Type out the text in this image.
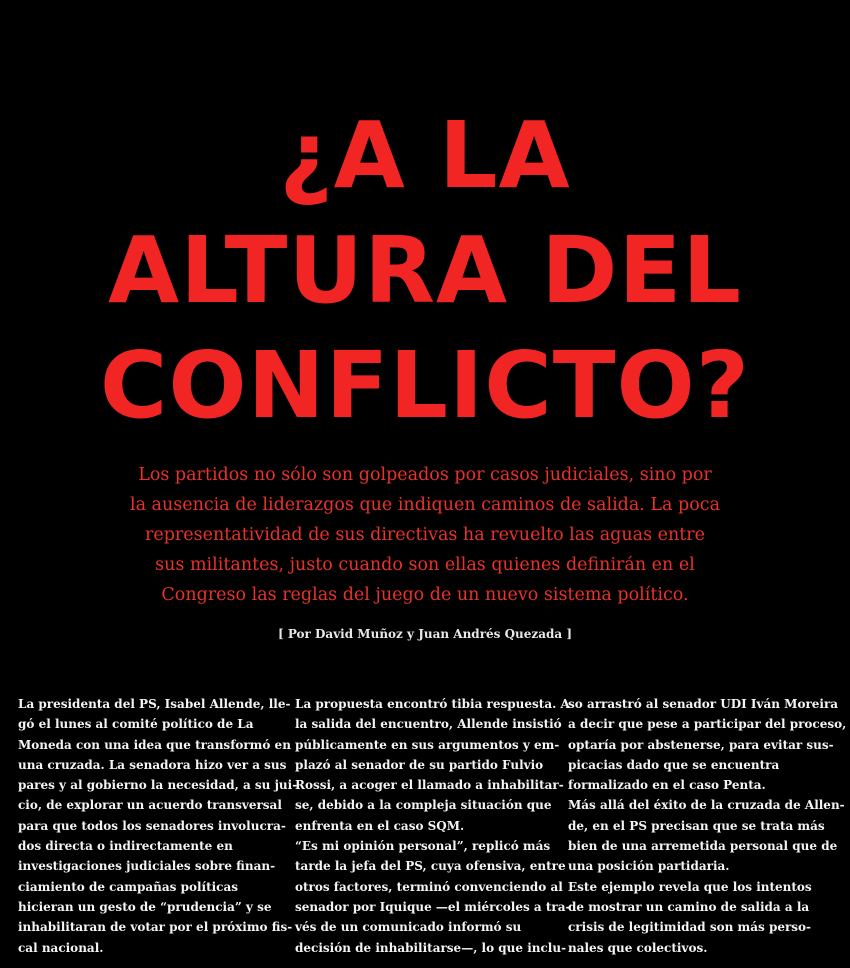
¿A LA
ALTURA DEL
CONFLICTO?

Los partidos no sólo son golpeados por casos judiciales, sino por
la ausencia de liderazgos que indiquen caminos de salida. La poca
representatividad de sus directivas ha revuelto las aguas entre
sus militantes, justo cuando son ellas quienes definirán en el
Congreso las reglas del juego de un nuevo sistema político.

[ Por David Muñoz y Juan Andrés Quezada ]

La presidenta del PS, Isabel Allende, lle-
gó el lunes al comité político de La
Moneda con una idea que transformó en
una cruzada. La senadora hizo ver a sus
pares y al gobierno la necesidad, a su jui-
cio, de explorar un acuerdo transversal
para que todos los senadores involucra-
dos directa o indirectamente en
investigaciones judiciales sobre finan-
ciamiento de campañas políticas
hicieran un gesto de “prudencia” y se
inhabilitaran de votar por el próximo fis-
cal nacional.
La propuesta encontró tibia respuesta. A
la salida del encuentro, Allende insistió
públicamente en sus argumentos y em-
plazó al senador de su partido Fulvio
Rossi, a acoger el llamado a inhabilitar-
se, debido a la compleja situación que
enfrenta en el caso SQM.
“Es mi opinión personal”, replicó más
tarde la jefa del PS, cuya ofensiva, entre
otros factores, terminó convenciendo al
senador por Iquique —el miércoles a tra-
vés de un comunicado informó su
decisión de inhabilitarse—, lo que inclu-
so arrastró al senador UDI Iván Moreira
a decir que pese a participar del proceso,
optaría por abstenerse, para evitar sus-
picacias dado que se encuentra
formalizado en el caso Penta.
Más allá del éxito de la cruzada de Allen-
de, en el PS precisan que se trata más
bien de una arremetida personal que de
una posición partidaria.
Este ejemplo revela que los intentos
de mostrar un camino de salida a la
crisis de legitimidad son más perso-
nales que colectivos.
